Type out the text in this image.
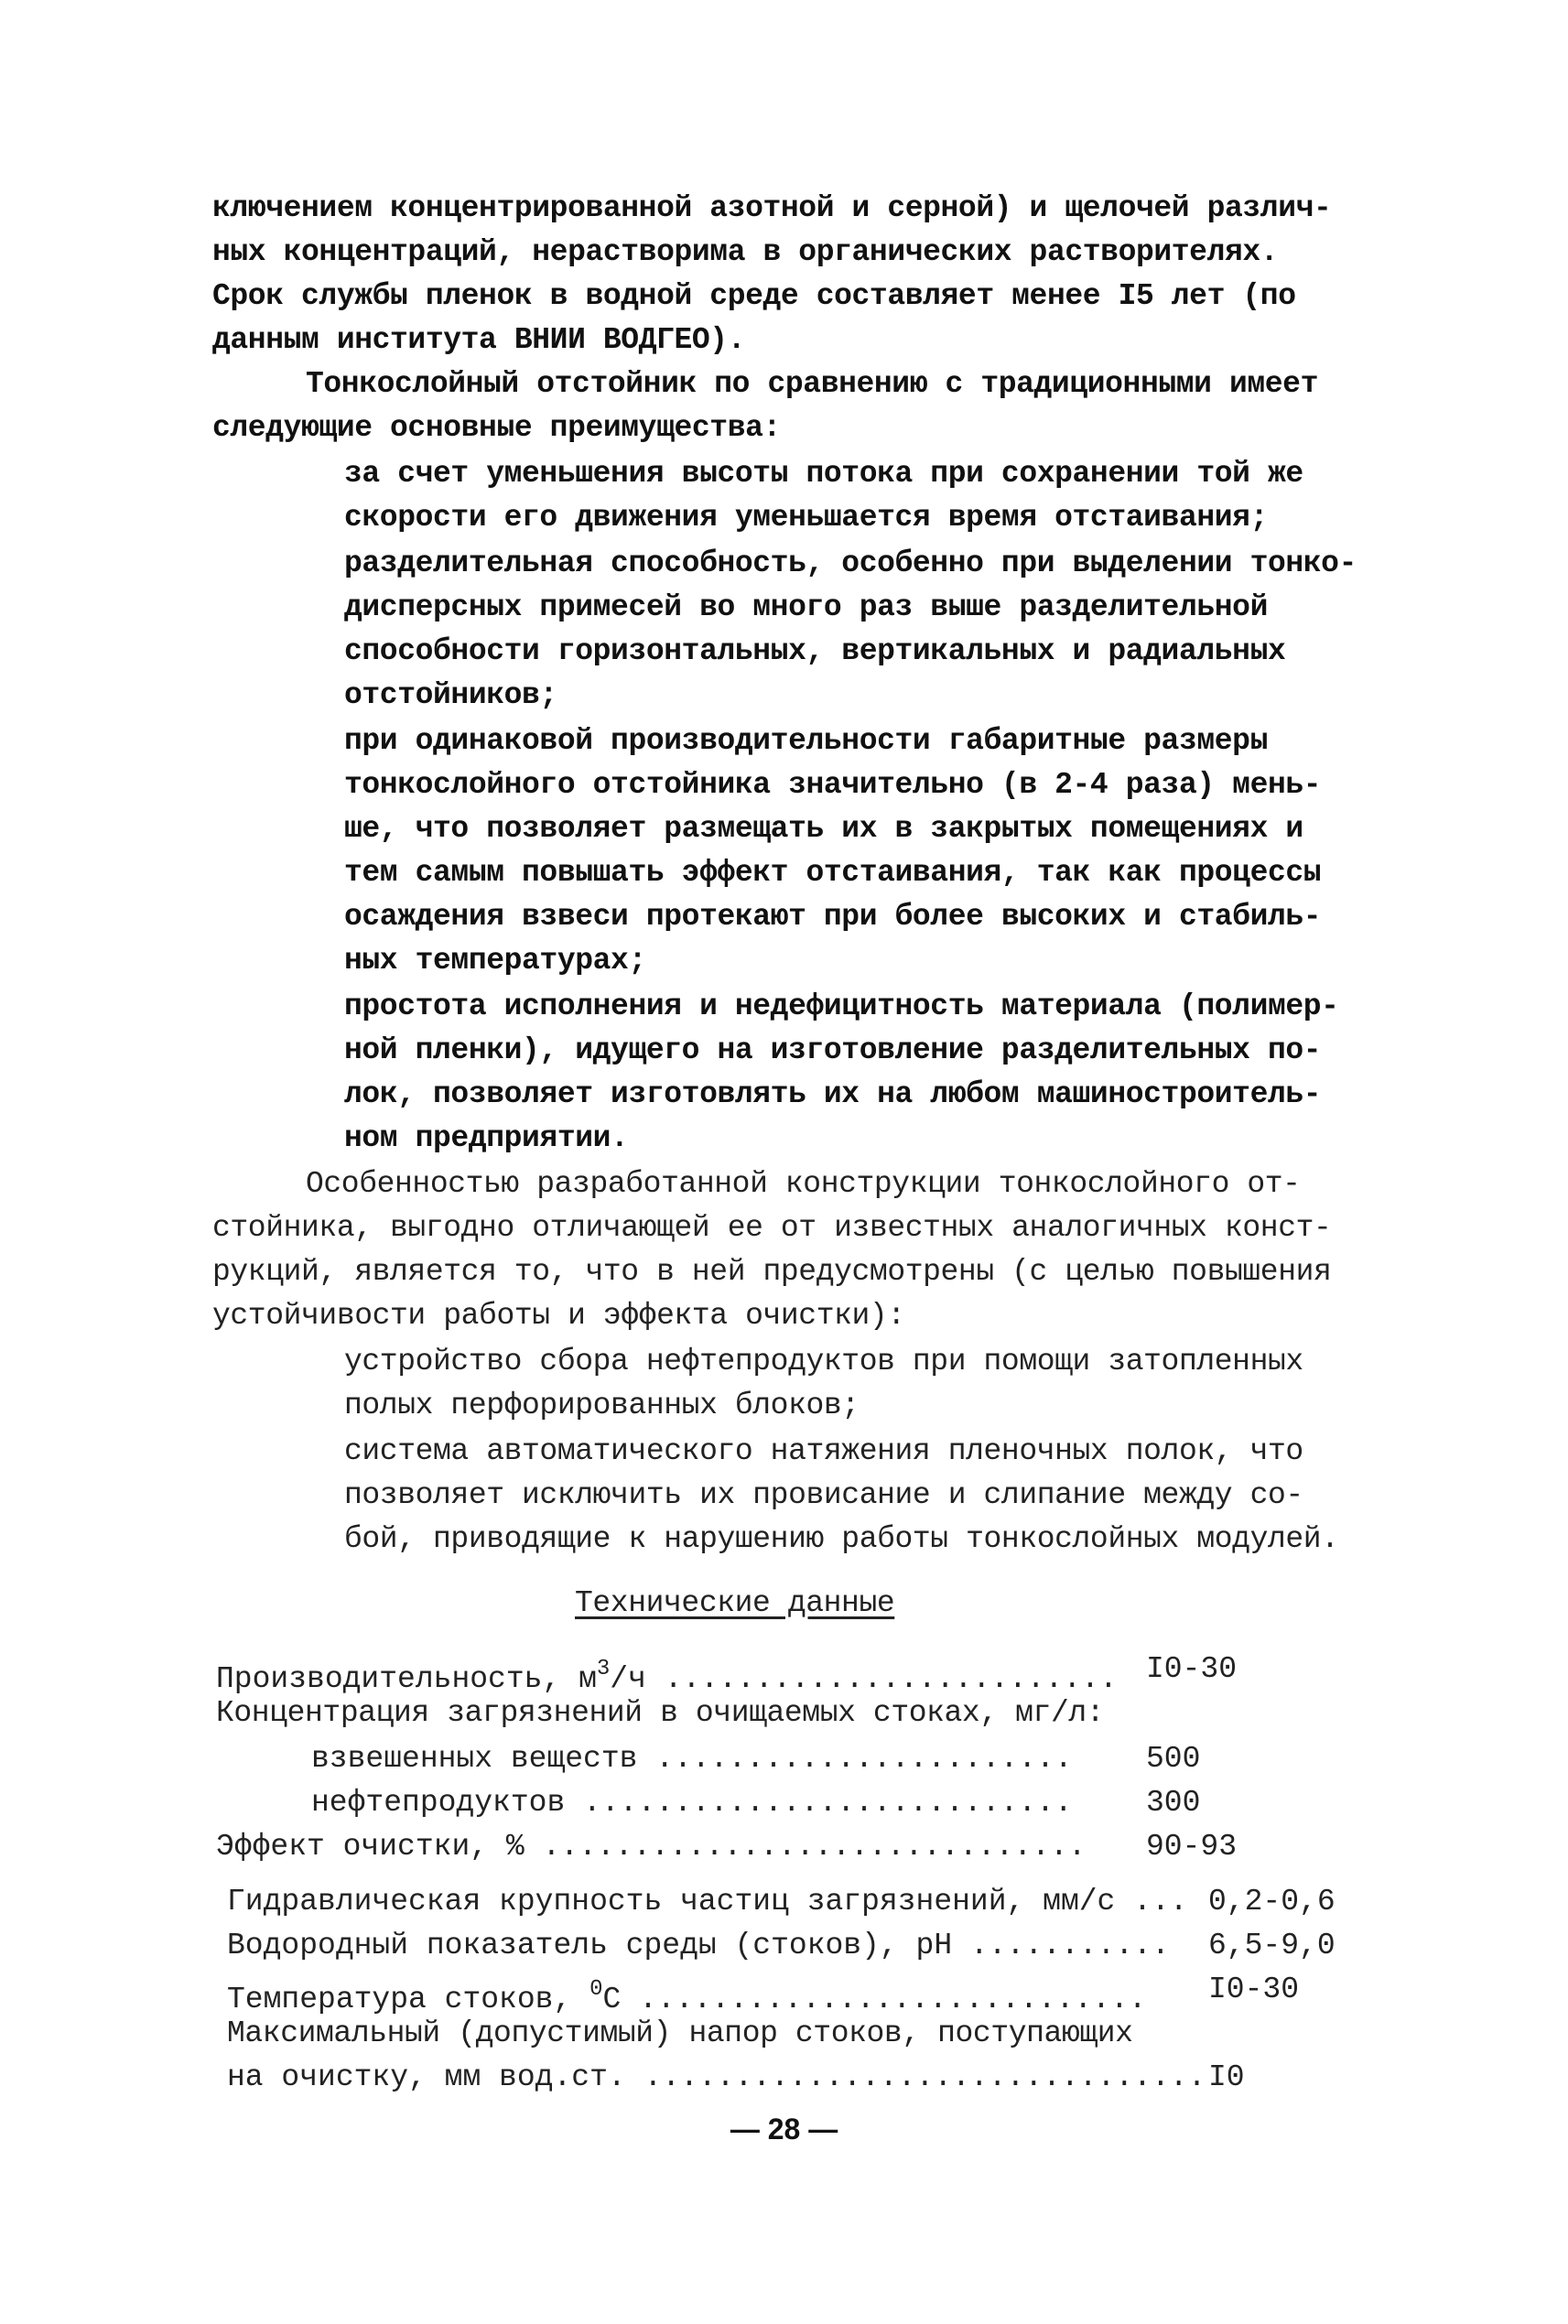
ключением концентрированной азотной и серной) и щелочей различ-
ных концентраций, нерастворима в органических растворителях.
Срок службы пленок в водной среде составляет менее I5 лет (по
данным института ВНИИ ВОДГЕО).
Тонкослойный отстойник по сравнению с традиционными имеет
следующие основные преимущества:
за счет уменьшения высоты потока при сохранении той же
скорости его движения уменьшается время отстаивания;
разделительная способность, особенно при выделении тонко-
дисперсных примесей во много раз выше разделительной
способности горизонтальных, вертикальных и радиальных
отстойников;
при одинаковой производительности габаритные размеры
тонкослойного отстойника значительно (в 2-4 раза) мень-
ше, что позволяет размещать их в закрытых помещениях и
тем самым повышать эффект отстаивания, так как процессы
осаждения взвеси протекают при более высоких и стабиль-
ных температурах;
простота исполнения и недефицитность материала (полимер-
ной пленки), идущего на изготовление разделительных по-
лок, позволяет изготовлять их на любом машиностроитель-
ном предприятии.
Особенностью разработанной конструкции тонкослойного от-
стойника, выгодно отличающей ее от известных аналогичных конст-
рукций, является то, что в ней предусмотрены (с целью повышения
устойчивости работы и эффекта очистки):
устройство сбора нефтепродуктов при помощи затопленных
полых перфорированных блоков;
система автоматического натяжения пленочных полок, что
позволяет исключить их провисание и слипание между со-
бой, приводящие к нарушению работы тонкослойных модулей.
Технические данные
Производительность, $м^3/ч$ ......................... I0-30
Концентрация загрязнений в очищаемых стоках, мг/л:
взвешенных веществ ....................... 500
нефтепродуктов ........................... 300
Эффект очистки, % .............................. 90-93
Гидравлическая крупность частиц загрязнений, мм/с ... 0,2-0,6
Водородный показатель среды (стоков), pH ........... 6,5-9,0
Температура стоков, $^0$С ............................ I0-30
Максимальный (допустимый) напор стоков, поступающих
на очистку, мм вод.ст. ............................... I0
— 28 —
